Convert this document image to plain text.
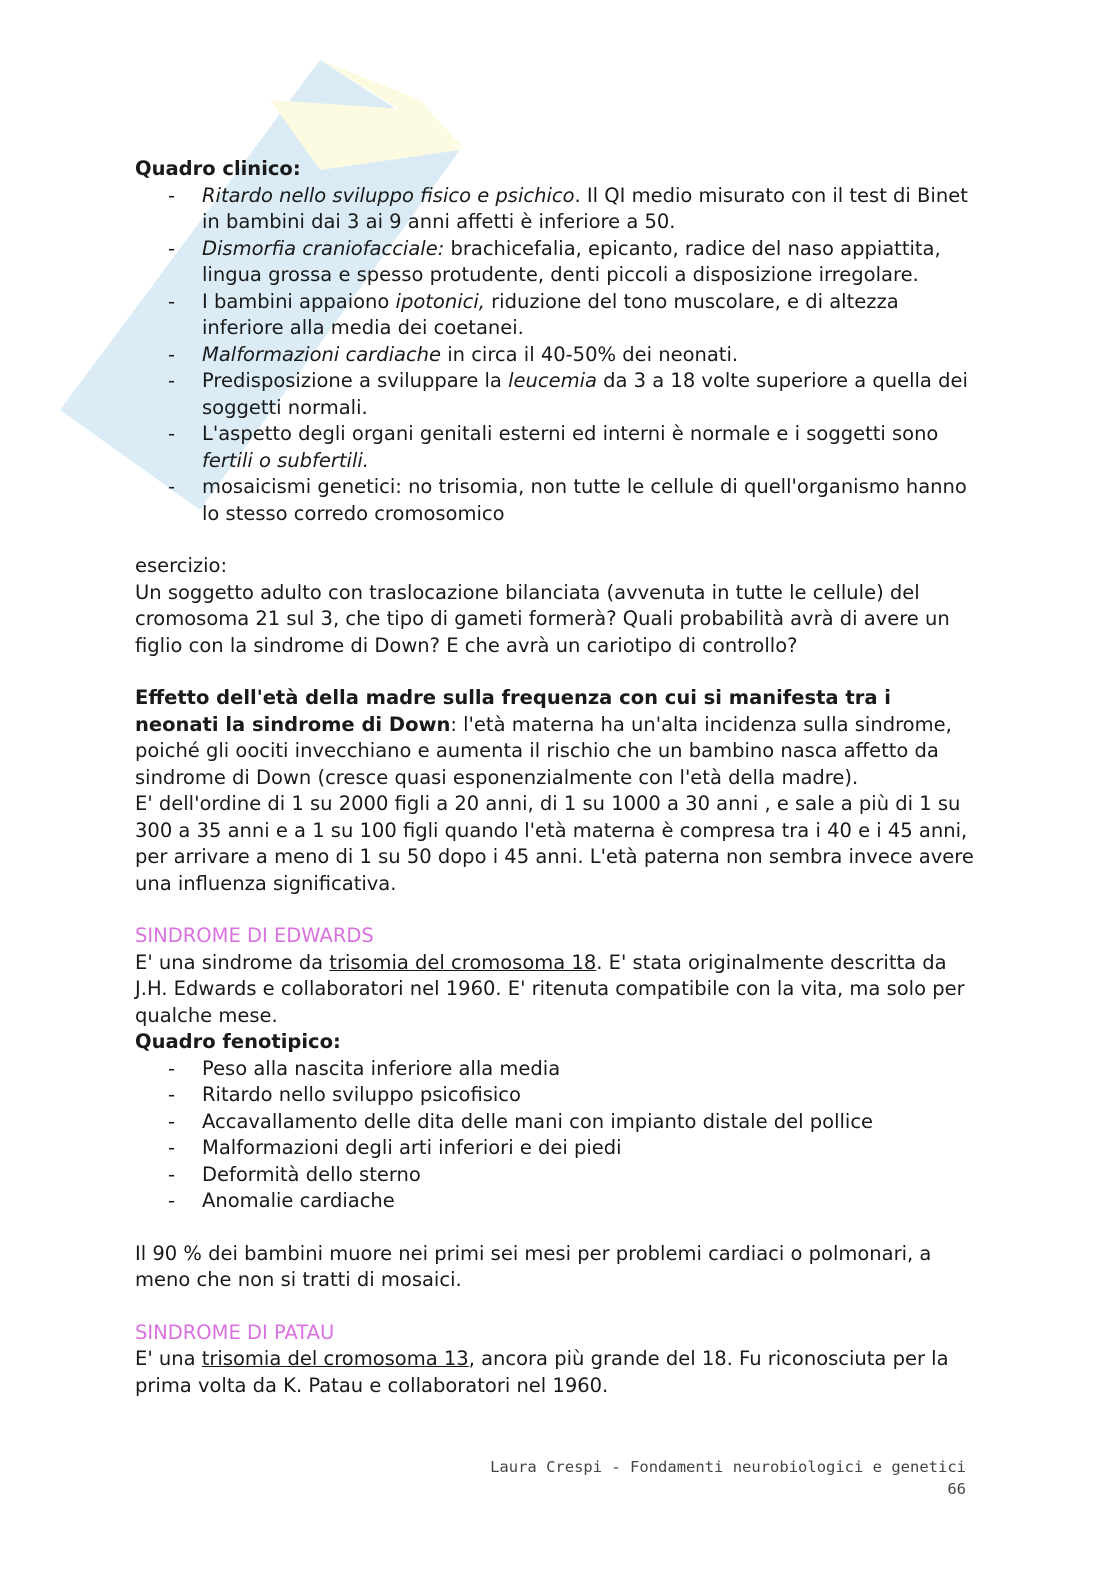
Quadro clinico:

- Ritardo nello sviluppo fisico e psichico. Il QI medio misurato con il test di Binet in bambini dai 3 ai 9 anni affetti è inferiore a 50.
- Dismorfia craniofacciale: brachicefalia, epicanto, radice del naso appiattita, lingua grossa e spesso protudente, denti piccoli a disposizione irregolare.
- I bambini appaiono ipotonici, riduzione del tono muscolare, e di altezza inferiore alla media dei coetanei.
- Malformazioni cardiache in circa il 40-50% dei neonati.
- Predisposizione a sviluppare la leucemia da 3 a 18 volte superiore a quella dei soggetti normali.
- L'aspetto degli organi genitali esterni ed interni è normale e i soggetti sono fertili o subfertili.
- mosaicismi genetici: no trisomia, non tutte le cellule di quell'organismo hanno lo stesso corredo cromosomico

esercizio:

Un soggetto adulto con traslocazione bilanciata (avvenuta in tutte le cellule) del cromosoma 21 sul 3, che tipo di gameti formerà? Quali probabilità avrà di avere un figlio con la sindrome di Down? E che avrà un cariotipo di controllo?

Effetto dell'età della madre sulla frequenza con cui si manifesta tra i neonati la sindrome di Down: l'età materna ha un'alta incidenza sulla sindrome, poiché gli oociti invecchiano e aumenta il rischio che un bambino nasca affetto da sindrome di Down (cresce quasi esponenzialmente con l'età della madre).

E' dell'ordine di 1 su 2000 figli a 20 anni, di 1 su 1000 a 30 anni , e sale a più di 1 su 300 a 35 anni e a 1 su 100 figli quando l'età materna è compresa tra i 40 e i 45 anni, per arrivare a meno di 1 su 50 dopo i 45 anni. L'età paterna non sembra invece avere una influenza significativa.

SINDROME DI EDWARDS

E' una sindrome da trisomia del cromosoma 18. E' stata originalmente descritta da J.H. Edwards e collaboratori nel 1960. E' ritenuta compatibile con la vita, ma solo per qualche mese.

Quadro fenotipico:

- Peso alla nascita inferiore alla media
- Ritardo nello sviluppo psicofisico
- Accavallamento delle dita delle mani con impianto distale del pollice
- Malformazioni degli arti inferiori e dei piedi
- Deformità dello sterno
- Anomalie cardiache

Il 90 % dei bambini muore nei primi sei mesi per problemi cardiaci o polmonari, a meno che non si tratti di mosaici.

SINDROME DI PATAU

E' una trisomia del cromosoma 13, ancora più grande del 18. Fu riconosciuta per la prima volta da K. Patau e collaboratori nel 1960.

Laura Crespi - Fondamenti neurobiologici e genetici
66
